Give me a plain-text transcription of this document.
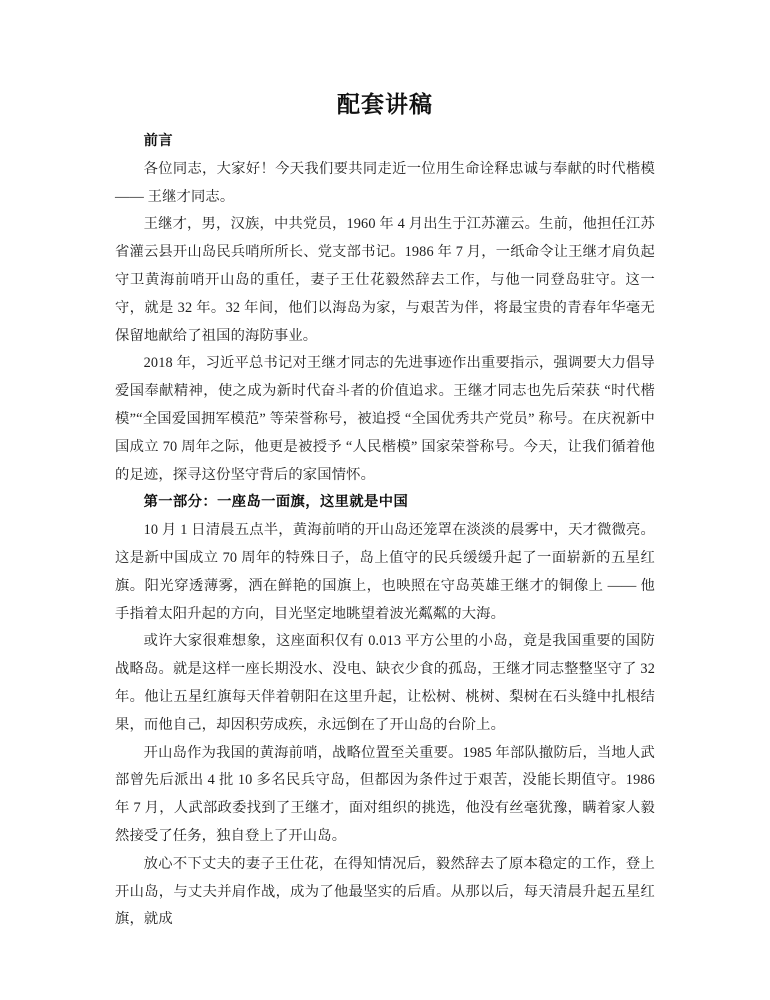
配套讲稿

前言

各位同志，大家好！今天我们要共同走近一位用生命诠释忠诚与奉献的时代楷模 —— 王继才同志。

王继才，男，汉族，中共党员，1960 年 4 月出生于江苏灌云。生前，他担任江苏省灌云县开山岛民兵哨所所长、党支部书记。1986 年 7 月，一纸命令让王继才肩负起守卫黄海前哨开山岛的重任，妻子王仕花毅然辞去工作，与他一同登岛驻守。这一守，就是 32 年。32 年间，他们以海岛为家，与艰苦为伴，将最宝贵的青春年华毫无保留地献给了祖国的海防事业。

2018 年，习近平总书记对王继才同志的先进事迹作出重要指示，强调要大力倡导爱国奉献精神，使之成为新时代奋斗者的价值追求。王继才同志也先后荣获 “时代楷模”“全国爱国拥军模范” 等荣誉称号，被追授 “全国优秀共产党员” 称号。在庆祝新中国成立 70 周年之际，他更是被授予 “人民楷模” 国家荣誉称号。今天，让我们循着他的足迹，探寻这份坚守背后的家国情怀。

第一部分：一座岛一面旗，这里就是中国

10 月 1 日清晨五点半，黄海前哨的开山岛还笼罩在淡淡的晨雾中，天才微微亮。这是新中国成立 70 周年的特殊日子，岛上值守的民兵缓缓升起了一面崭新的五星红旗。阳光穿透薄雾，洒在鲜艳的国旗上，也映照在守岛英雄王继才的铜像上 —— 他手指着太阳升起的方向，目光坚定地眺望着波光粼粼的大海。

或许大家很难想象，这座面积仅有 0.013 平方公里的小岛，竟是我国重要的国防战略岛。就是这样一座长期没水、没电、缺衣少食的孤岛，王继才同志整整坚守了 32 年。他让五星红旗每天伴着朝阳在这里升起，让松树、桃树、梨树在石头缝中扎根结果，而他自己，却因积劳成疾，永远倒在了开山岛的台阶上。

开山岛作为我国的黄海前哨，战略位置至关重要。1985 年部队撤防后，当地人武部曾先后派出 4 批 10 多名民兵守岛，但都因为条件过于艰苦，没能长期值守。1986 年 7 月，人武部政委找到了王继才，面对组织的挑选，他没有丝毫犹豫，瞒着家人毅然接受了任务，独自登上了开山岛。

放心不下丈夫的妻子王仕花，在得知情况后，毅然辞去了原本稳定的工作，登上开山岛，与丈夫并肩作战，成为了他最坚实的后盾。从那以后，每天清晨升起五星红旗，就成
